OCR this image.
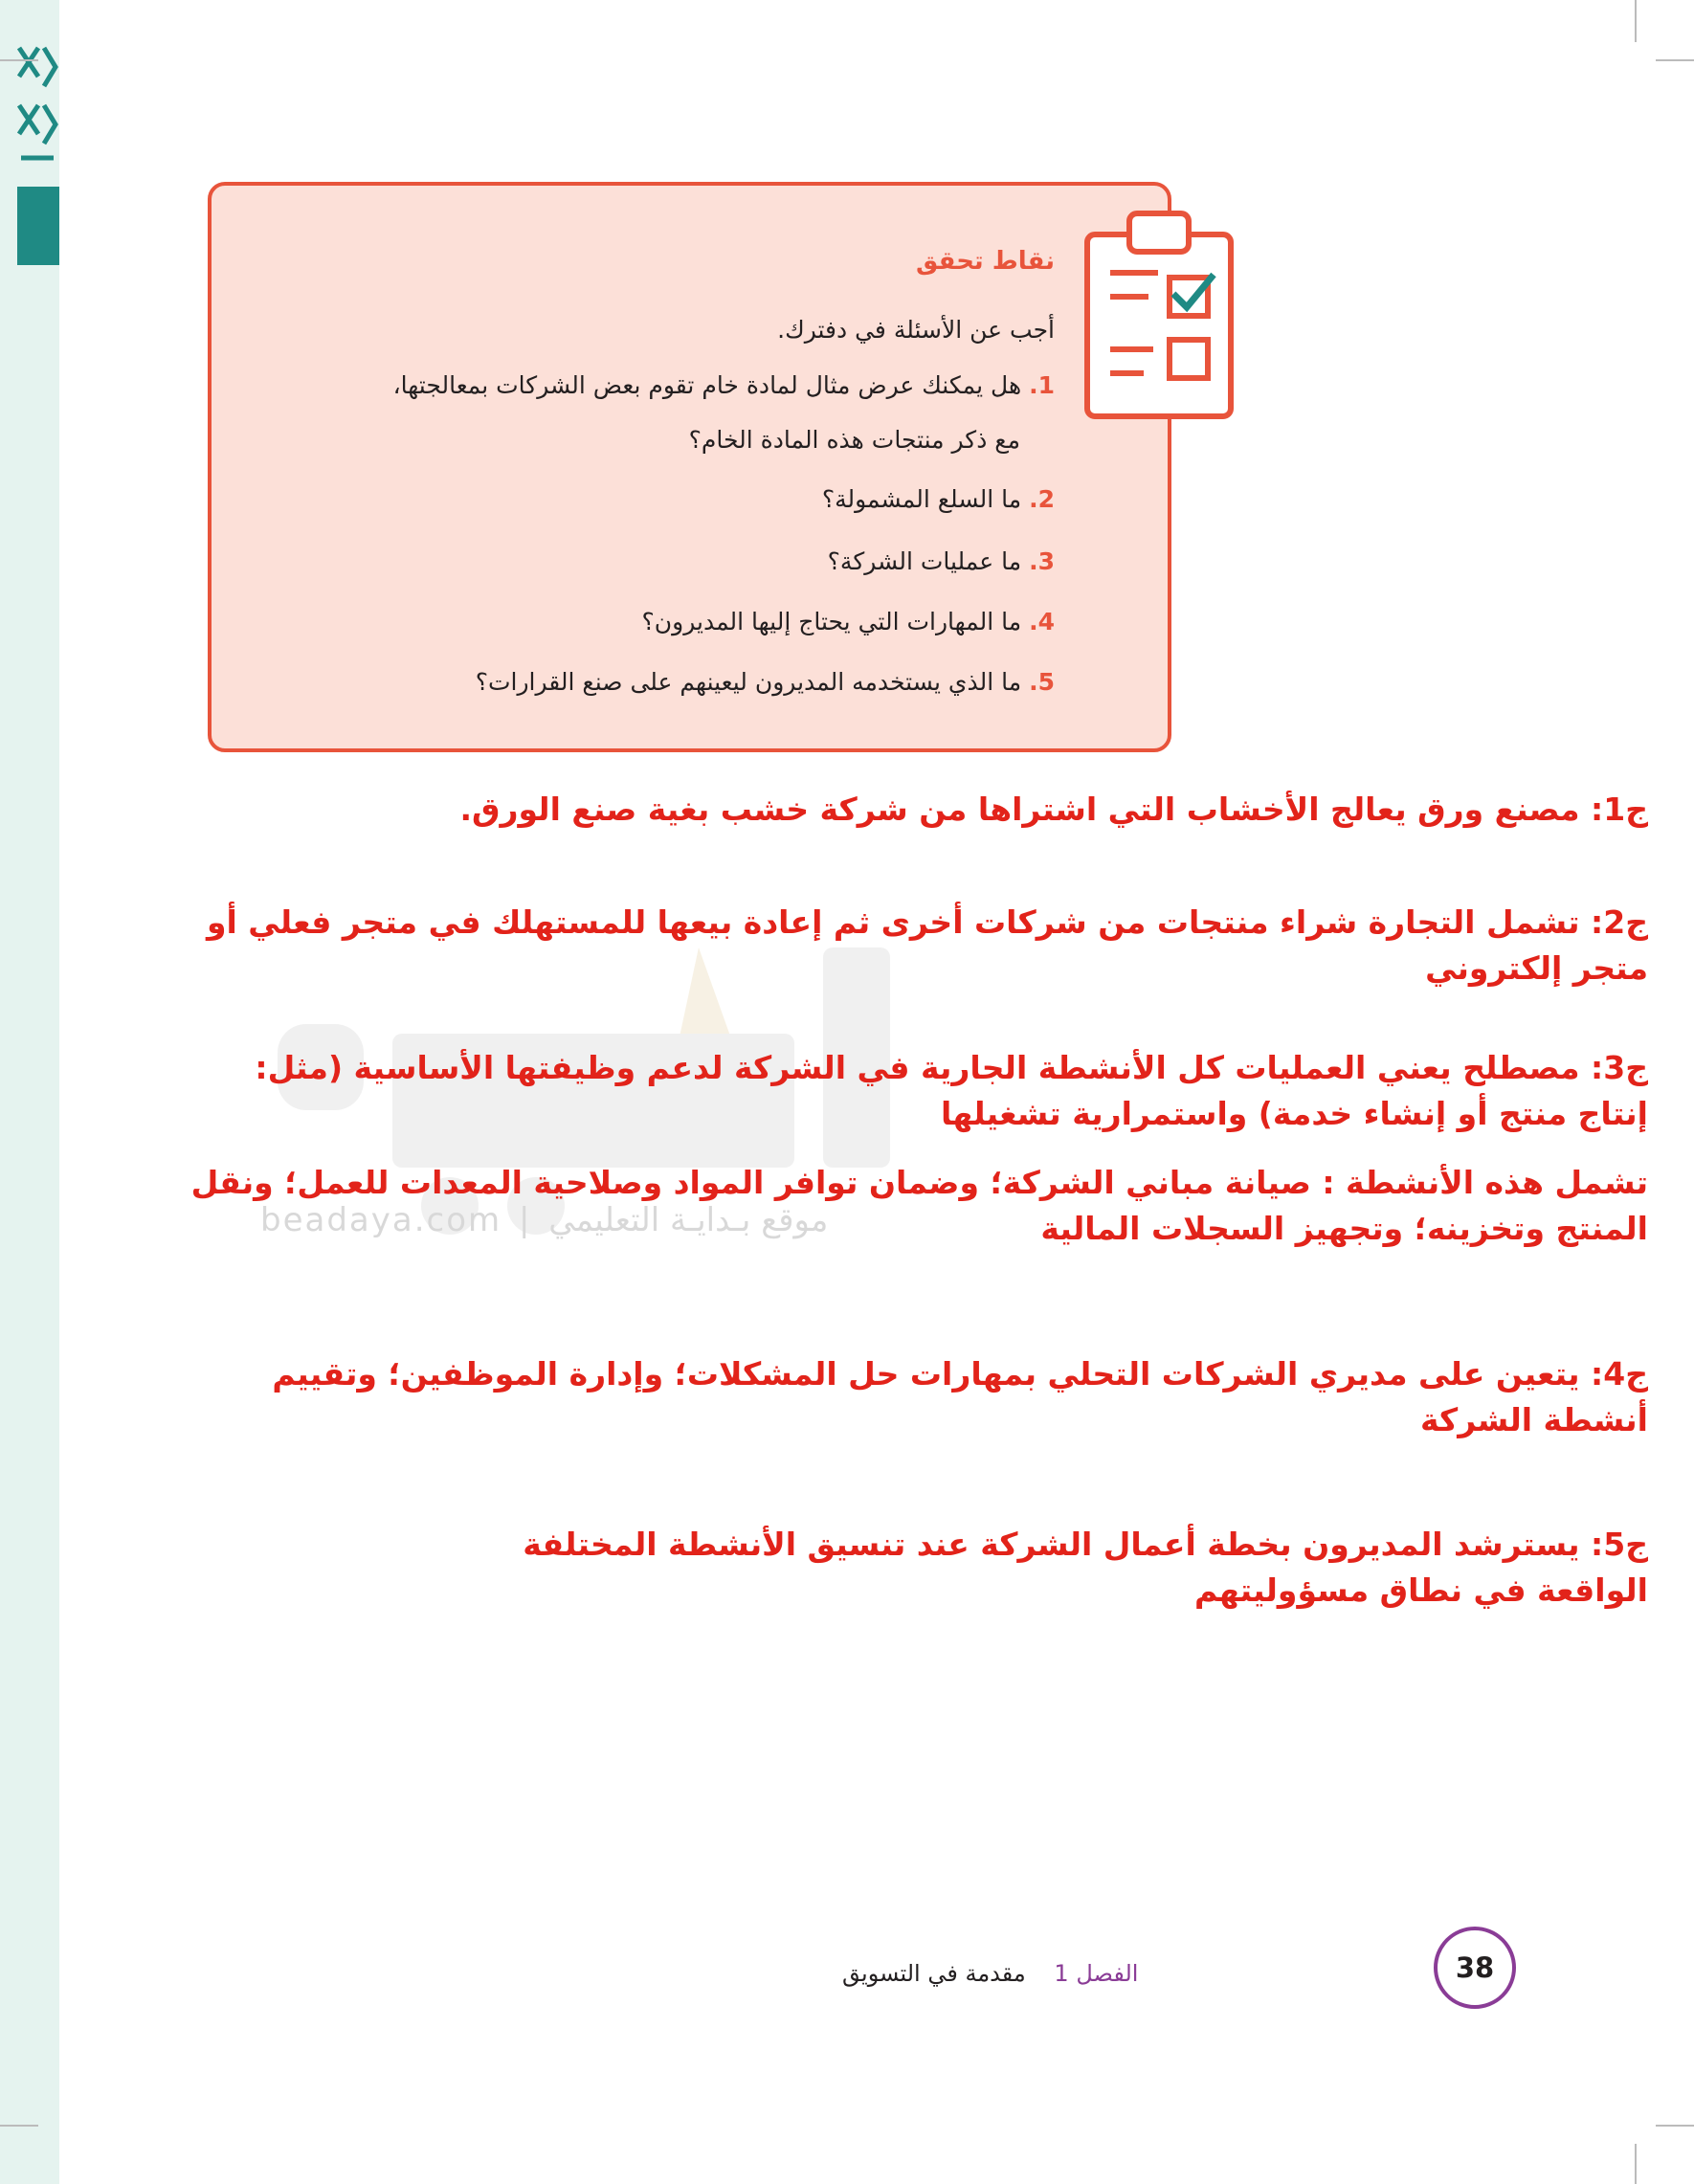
beadaya.com | موقع بـدايـة التعليمي
نقاط تحقق

أجب عن الأسئلة في دفترك.

1. هل يمكنك عرض مثال لمادة خام تقوم بعض الشركات بمعالجتها،
مع ذكر منتجات هذه المادة الخام؟
2. ما السلع المشمولة؟
3. ما عمليات الشركة؟
4. ما المهارات التي يحتاج إليها المديرون؟
5. ما الذي يستخدمه المديرون ليعينهم على صنع القرارات؟

ج1: مصنع ورق يعالج الأخشاب التي اشتراها من شركة خشب بغية صنع الورق.

ج2: تشمل التجارة شراء منتجات من شركات أخرى ثم إعادة بيعها للمستهلك في متجر فعلي أو متجر إلكتروني

ج3: مصطلح يعني العمليات كل الأنشطة الجارية في الشركة لدعم وظيفتها الأساسية (مثل: إنتاج منتج أو إنشاء خدمة) واستمرارية تشغيلها

تشمل هذه الأنشطة : صيانة مباني الشركة؛ وضمان توافر المواد وصلاحية المعدات للعمل؛ ونقل المنتج وتخزينه؛ وتجهيز السجلات المالية

ج4: يتعين على مديري الشركات التحلي بمهارات حل المشكلات؛ وإدارة الموظفين؛ وتقييم أنشطة الشركة

ج5: يسترشد المديرون بخطة أعمال الشركة عند تنسيق الأنشطة المختلفة الواقعة في نطاق مسؤوليتهم

الفصل 1 مقدمة في التسويق	38
